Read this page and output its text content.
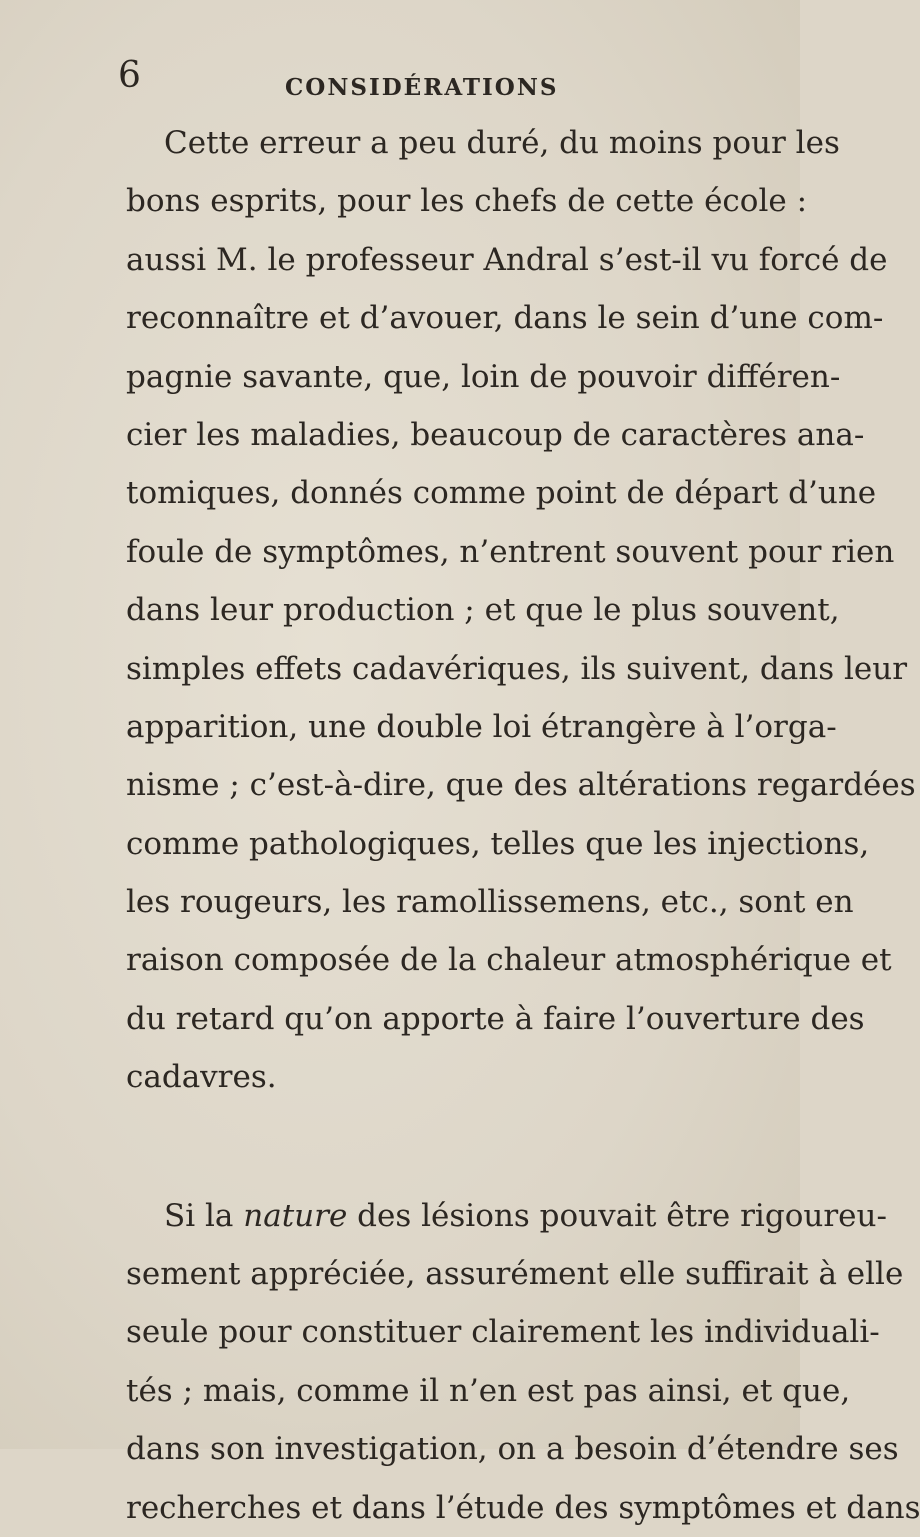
6	CONSIDÉRATIONS
Cette erreur a peu duré, du moins pour les
bons esprits, pour les chefs de cette école :
aussi M. le professeur Andral s’est-il vu forcé de
reconnaître et d’avouer, dans le sein d’une com-
pagnie savante, que, loin de pouvoir différen-
cier les maladies, beaucoup de caractères ana-
tomiques, donnés comme point de départ d’une
foule de symptômes, n’entrent souvent pour rien
dans leur production ; et que le plus souvent,
simples effets cadavériques, ils suivent, dans leur
apparition, une double loi étrangère à l’orga-
nisme ; c’est-à-dire, que des altérations regardées
comme pathologiques, telles que les injections,
les rougeurs, les ramollissemens, etc., sont en
raison composée de la chaleur atmosphérique et
du retard qu’on apporte à faire l’ouverture des
cadavres.
Si la nature des lésions pouvait être rigoureu-
sement appréciée, assurément elle suffirait à elle
seule pour constituer clairement les individuali-
tés ; mais, comme il n’en est pas ainsi, et que,
dans son investigation, on a besoin d’étendre ses
recherches et dans l’étude des symptômes et dans
